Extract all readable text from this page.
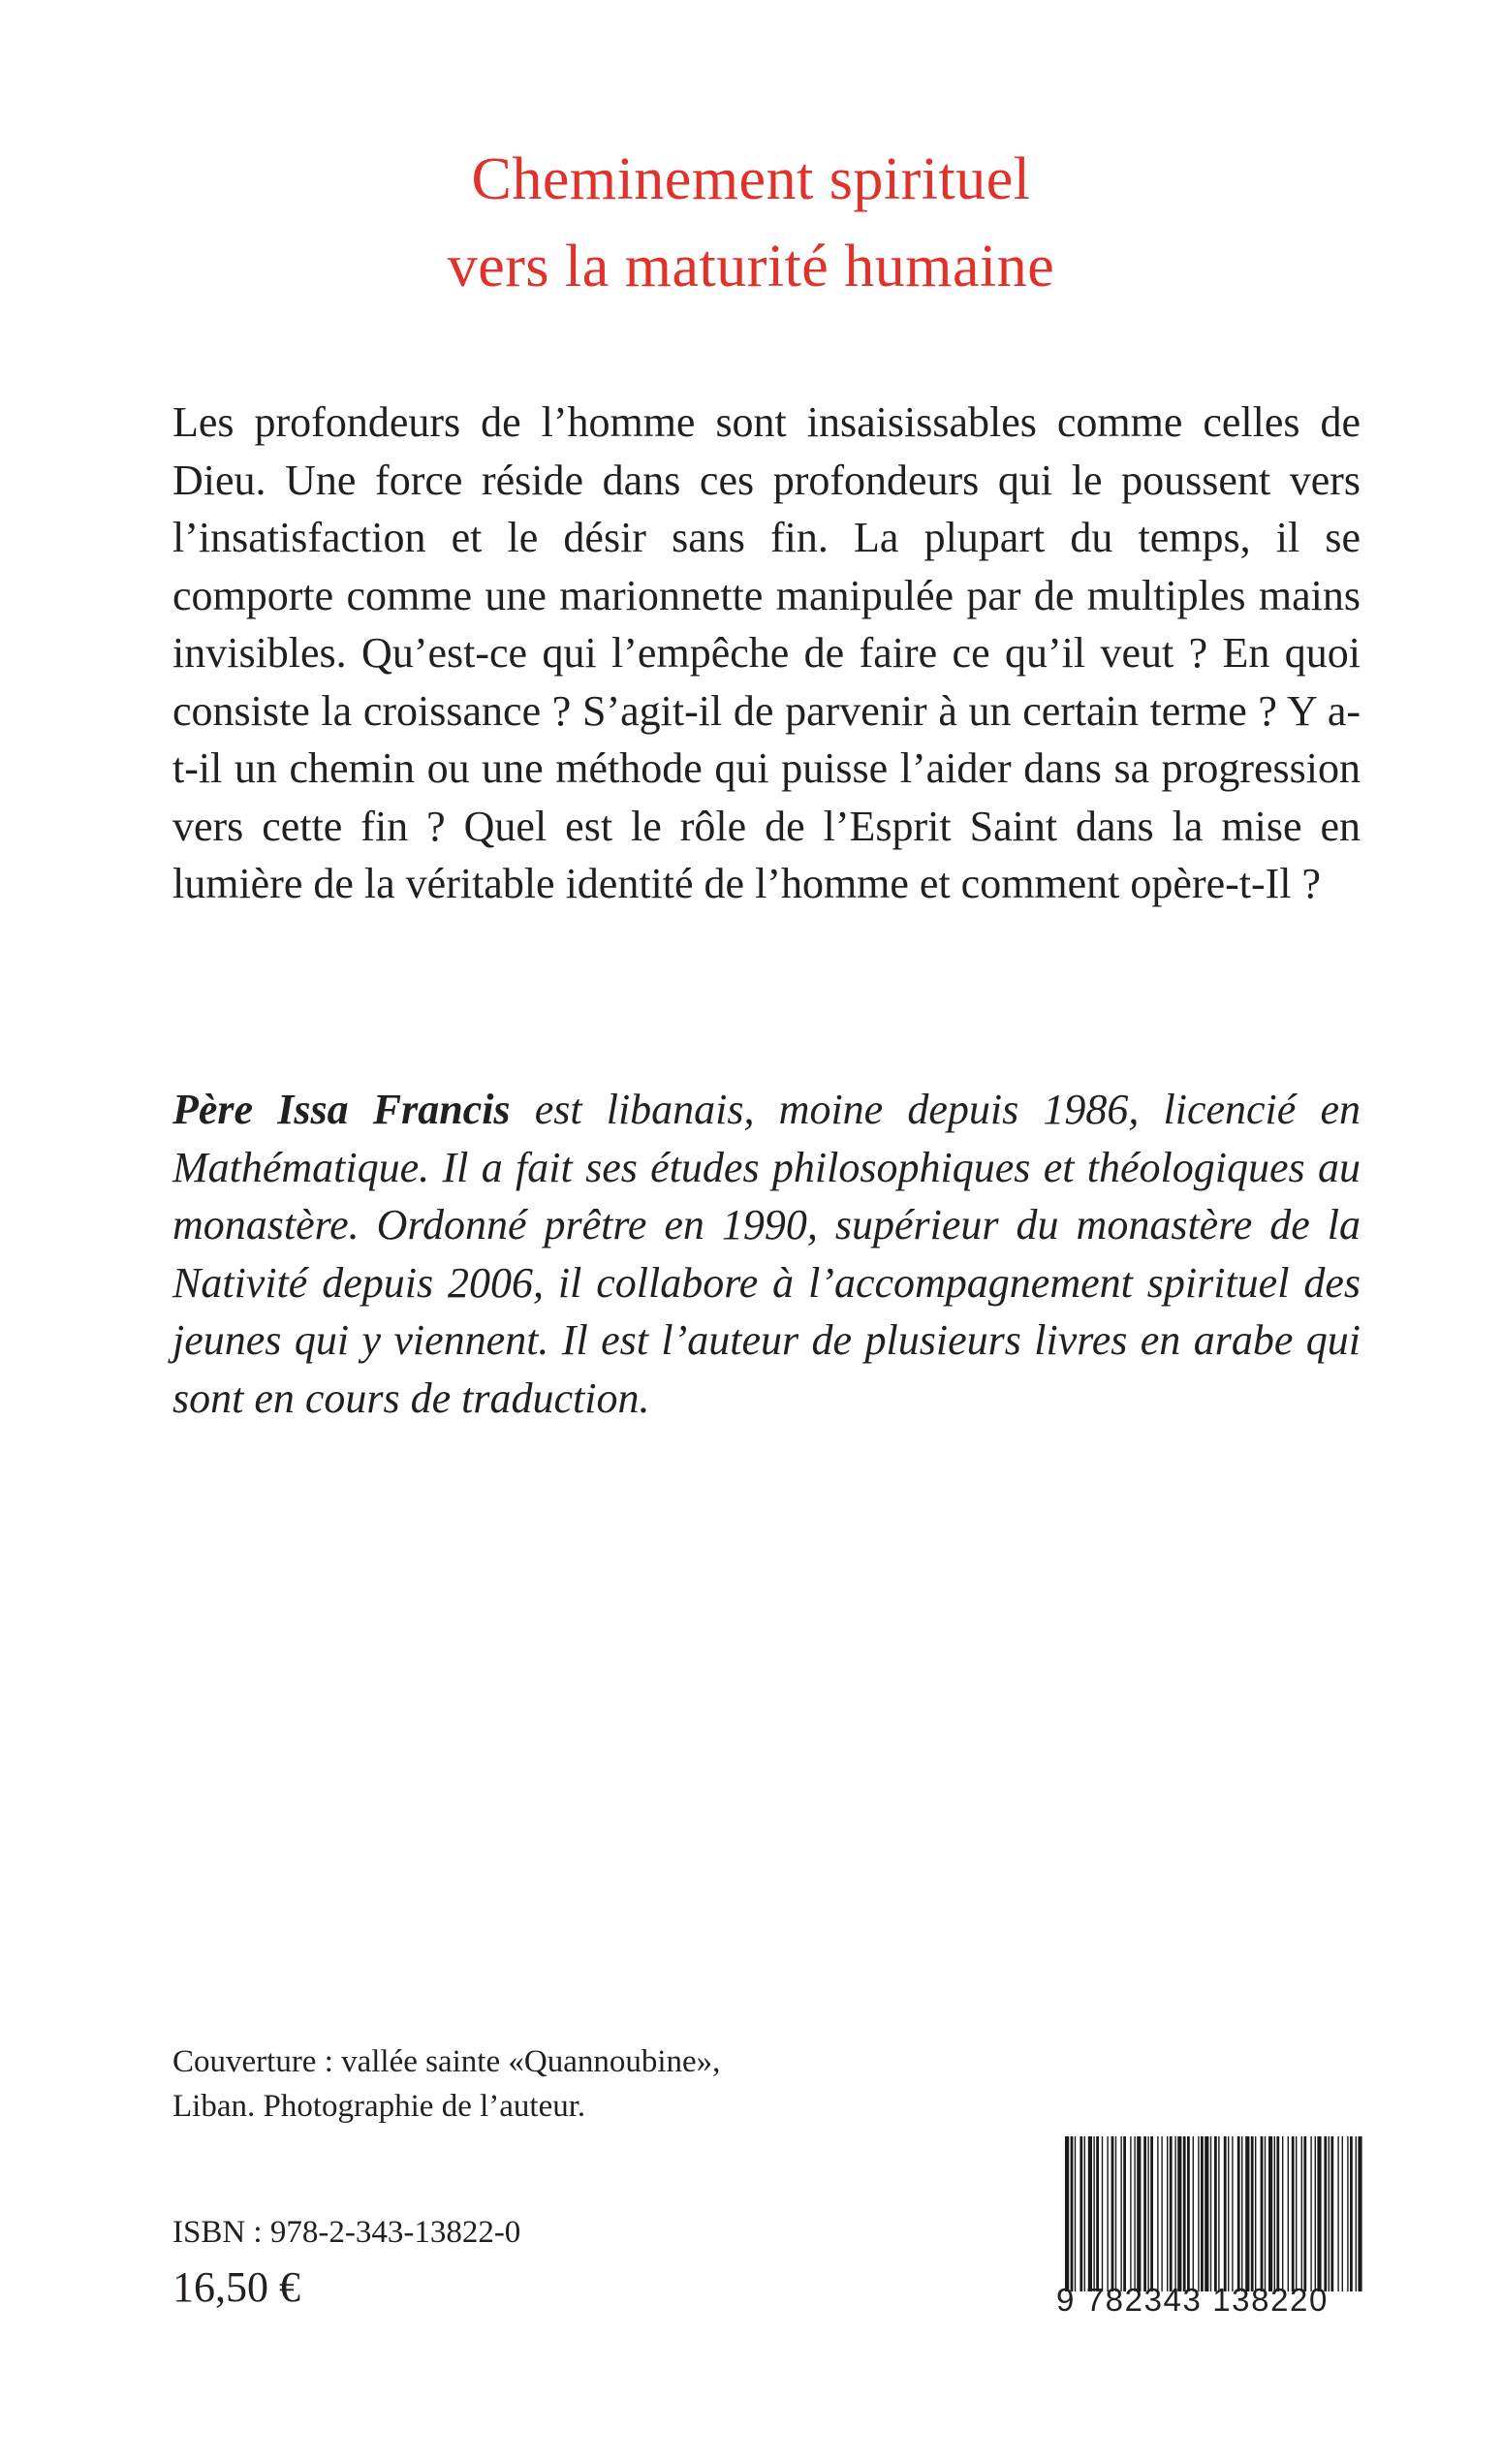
Cheminement spirituel
vers la maturité humaine

Les profondeurs de l’homme sont insaisissables comme celles de Dieu. Une force réside dans ces profondeurs qui le poussent vers l’insatisfaction et le désir sans fin. La plupart du temps, il se comporte comme une marionnette manipulée par de multiples mains invisibles. Qu’est-ce qui l’empêche de faire ce qu’il veut ? En quoi consiste la croissance ? S’agit-il de parvenir à un certain terme ? Y a-t-il un chemin ou une méthode qui puisse l’aider dans sa progression vers cette fin ? Quel est le rôle de l’Esprit Saint dans la mise en lumière de la véritable identité de l’homme et comment opère-t-Il ?

Père Issa Francis est libanais, moine depuis 1986, licencié en Mathématique. Il a fait ses études philosophiques et théologiques au monastère. Ordonné prêtre en 1990, supérieur du monastère de la Nativité depuis 2006, il collabore à l’accompagnement spirituel des jeunes qui y viennent. Il est l’auteur de plusieurs livres en arabe qui sont en cours de traduction.

Couverture : vallée sainte «Quannoubine»,
Liban. Photographie de l’auteur.
ISBN : 978-2-343-13822-0
16,50 €	9 782343 138220
